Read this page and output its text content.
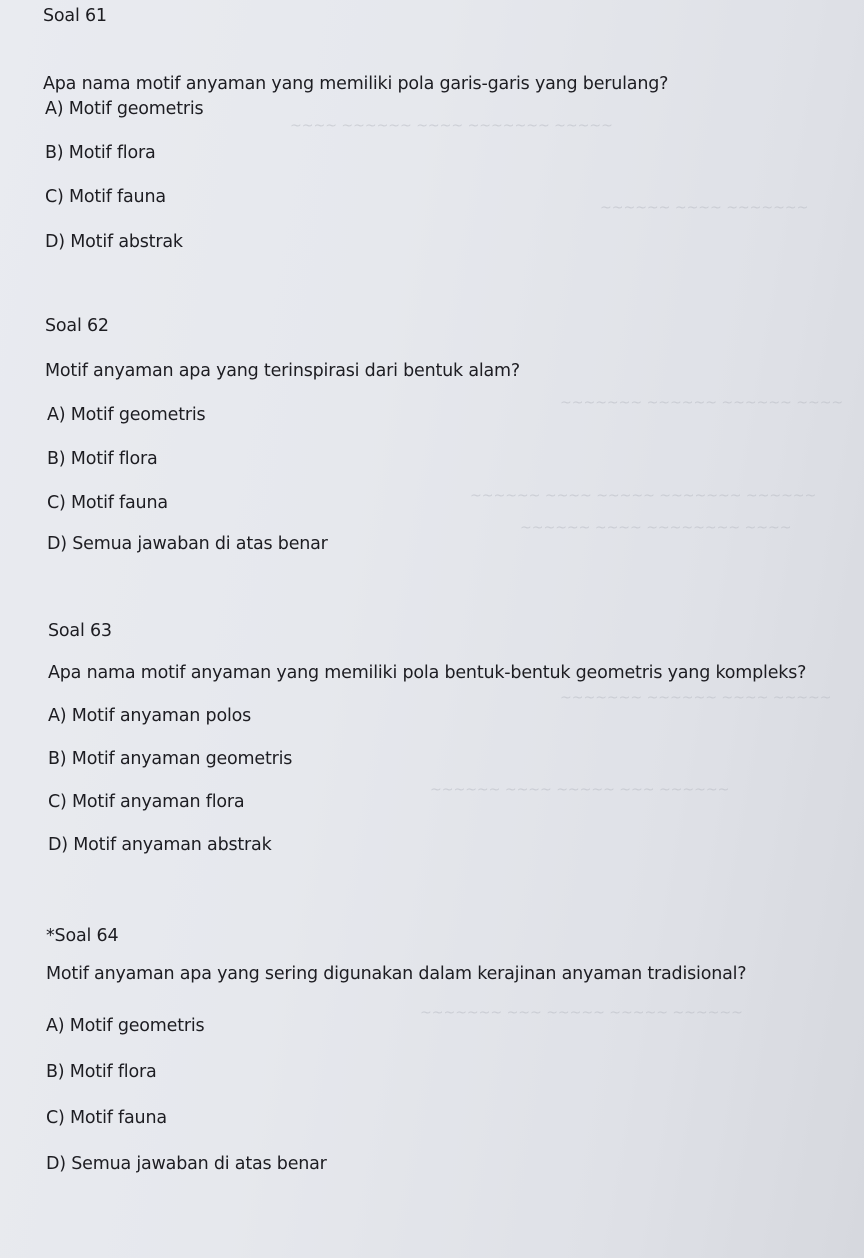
~~~~ ~~~~~~ ~~~~ ~~~~~~~ ~~~~~
~~~~~~ ~~~~ ~~~~~~~
~~~~~~~ ~~~~~~ ~~~~~~ ~~~~
~~~~~~ ~~~~ ~~~~~ ~~~~~~~ ~~~~~~
~~~~~~ ~~~~ ~~~~~~~~ ~~~~
~~~~~~~ ~~~~~~ ~~~~ ~~~~~
~~~~~~ ~~~~ ~~~~~ ~~~ ~~~~~~
~~~~~~~ ~~~ ~~~~~ ~~~~~ ~~~~~~
Soal 61
Apa nama motif anyaman yang memiliki pola garis-garis yang berulang?
A) Motif geometris
B) Motif flora
C) Motif fauna
D) Motif abstrak
Soal 62
Motif anyaman apa yang terinspirasi dari bentuk alam?
A) Motif geometris
B) Motif flora
C) Motif fauna
D) Semua jawaban di atas benar
Soal 63
Apa nama motif anyaman yang memiliki pola bentuk-bentuk geometris yang kompleks?
A) Motif anyaman polos
B) Motif anyaman geometris
C) Motif anyaman flora
D) Motif anyaman abstrak
*Soal 64
Motif anyaman apa yang sering digunakan dalam kerajinan anyaman tradisional?
A) Motif geometris
B) Motif flora
C) Motif fauna
D) Semua jawaban di atas benar
